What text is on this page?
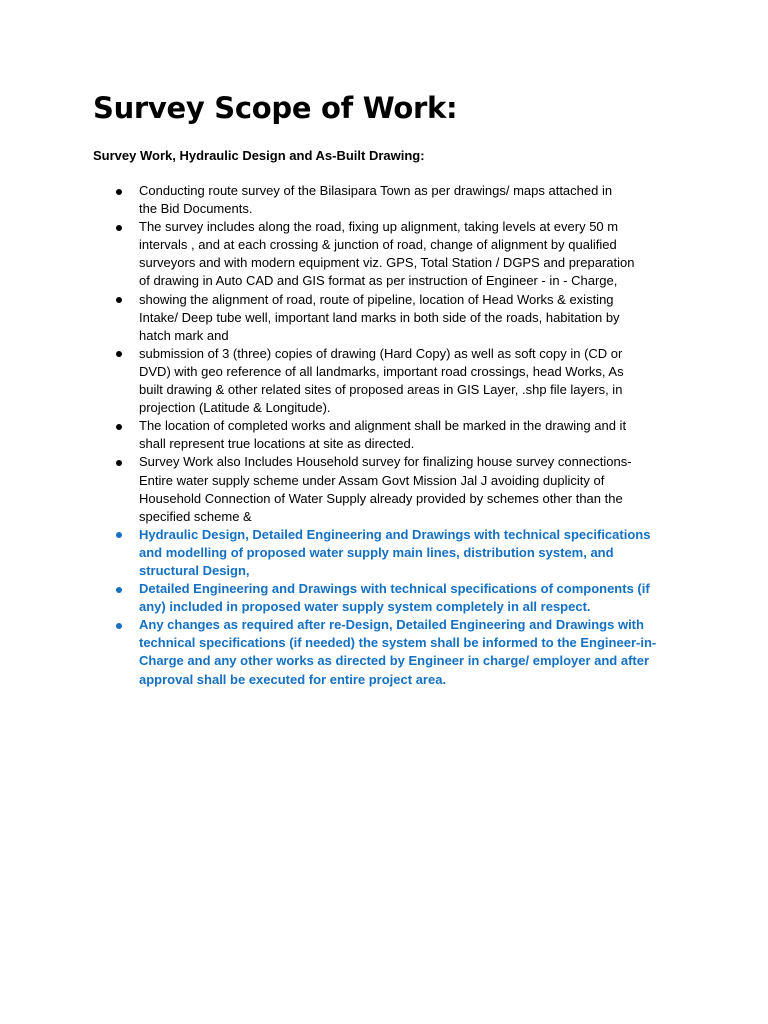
Survey Scope of Work:

Survey Work, Hydraulic Design and As-Built Drawing:

Conducting route survey of the Bilasipara Town as per drawings/ maps attached in
the Bid Documents.
The survey includes along the road, fixing up alignment, taking levels at every 50 m
intervals , and at each crossing & junction of road, change of alignment by qualified
surveyors and with modern equipment viz. GPS, Total Station / DGPS and preparation
of drawing in Auto CAD and GIS format as per instruction of Engineer - in - Charge,
showing the alignment of road, route of pipeline, location of Head Works & existing
Intake/ Deep tube well, important land marks in both side of the roads, habitation by
hatch mark and
submission of 3 (three) copies of drawing (Hard Copy) as well as soft copy in (CD or
DVD) with geo reference of all landmarks, important road crossings, head Works, As
built drawing & other related sites of proposed areas in GIS Layer, .shp file layers, in
projection (Latitude & Longitude).
The location of completed works and alignment shall be marked in the drawing and it
shall represent true locations at site as directed.
Survey Work also Includes Household survey for finalizing house survey connections-
Entire water supply scheme under Assam Govt Mission Jal J avoiding duplicity of
Household Connection of Water Supply already provided by schemes other than the
specified scheme &
Hydraulic Design, Detailed Engineering and Drawings with technical specifications
and modelling of proposed water supply main lines, distribution system, and
structural Design,
Detailed Engineering and Drawings with technical specifications of components (if
any) included in proposed water supply system completely in all respect.
Any changes as required after re-Design, Detailed Engineering and Drawings with
technical specifications (if needed) the system shall be informed to the Engineer-in-
Charge and any other works as directed by Engineer in charge/ employer and after
approval shall be executed for entire project area.
